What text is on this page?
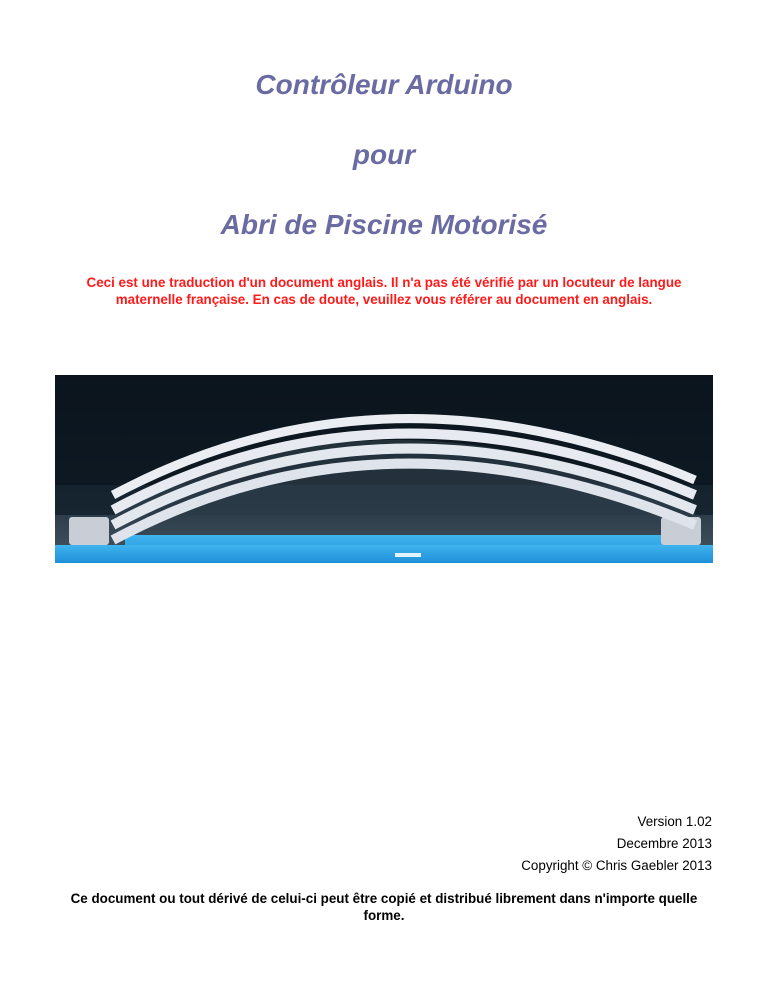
Contrôleur Arduino
pour
Abri de Piscine Motorisé

Ceci est une traduction d'un document anglais. Il n'a pas été vérifié par un locuteur de langue maternelle française. En cas de doute, veuillez vous référer au document en anglais.

Version 1.02
Decembre 2013
Copyright © Chris Gaebler 2013

Ce document ou tout dérivé de celui-ci peut être copié et distribué librement dans n'importe quelle forme.
